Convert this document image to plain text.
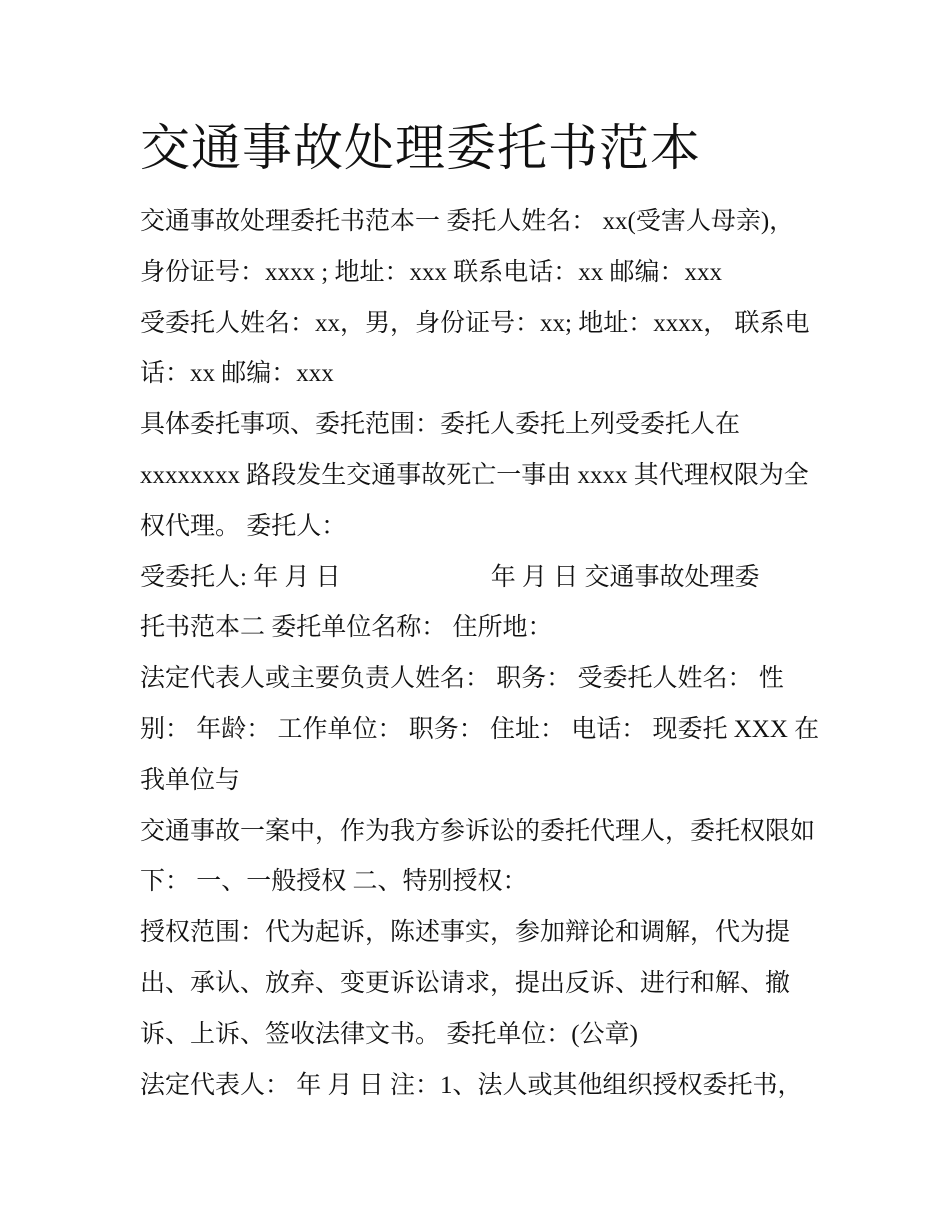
交通事故处理委托书范本
交通事故处理委托书范本一 委托人姓名： xx(受害人母亲)，
身份证号：xxxx ; 地址：xxx 联系电话：xx 邮编：xxx
受委托人姓名：xx，男，身份证号：xx; 地址：xxxx， 联系电
话：xx 邮编：xxx
具体委托事项、委托范围：委托人委托上列受委托人在
xxxxxxxx 路段发生交通事故死亡一事由 xxxx 其代理权限为全
权代理。 委托人：
受委托人: 年 月 日                        年 月 日 交通事故处理委
托书范本二 委托单位名称： 住所地：
法定代表人或主要负责人姓名： 职务： 受委托人姓名： 性
别： 年龄： 工作单位： 职务： 住址： 电话： 现委托 XXX 在
我单位与
交通事故一案中，作为我方参诉讼的委托代理人，委托权限如
下： 一、一般授权 二、特别授权：
授权范围：代为起诉，陈述事实，参加辩论和调解，代为提
出、承认、放弃、变更诉讼请求，提出反诉、进行和解、撤
诉、上诉、签收法律文书。 委托单位：(公章)
法定代表人： 年 月 日 注：1、法人或其他组织授权委托书，
